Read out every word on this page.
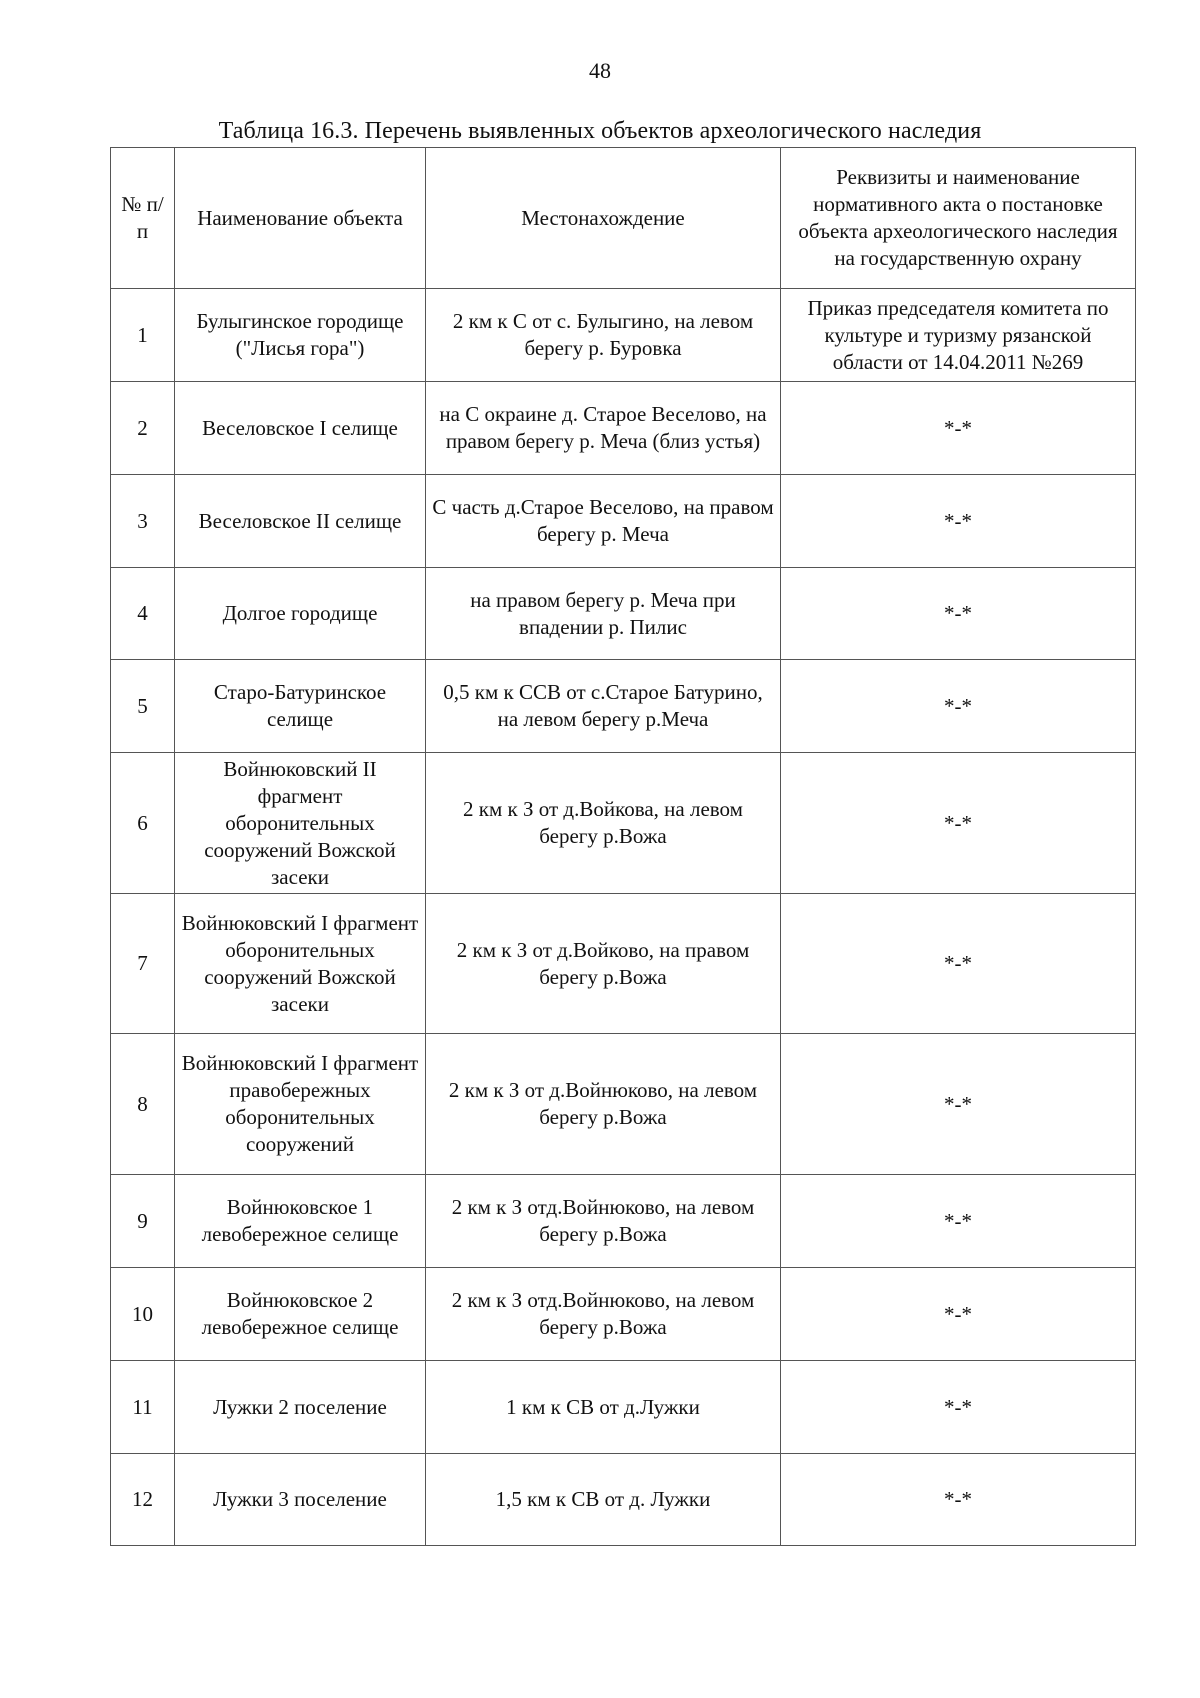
48
Таблица 16.3. Перечень выявленных объектов археологического наследия
№ п/п	Наименование объекта	Местонахождение	Реквизиты и наименование нормативного акта о постановке объекта археологического наследия на государственную охрану
1	Булыгинское городище ("Лисья гора")	2 км к С от с. Булыгино, на левом берегу р. Буровка	Приказ председателя комитета по культуре и туризму рязанской области от 14.04.2011 №269
2	Веселовское I селище	на С окраине д. Старое Веселово, на правом берегу р. Меча (близ устья)	*-*
3	Веселовское II селище	С часть д.Старое Веселово, на правом берегу р. Меча	*-*
4	Долгое городище	на правом берегу р. Меча при впадении р. Пилис	*-*
5	Старо-Батуринское селище	0,5 км к ССВ от с.Старое Батурино, на левом берегу р.Меча	*-*
6	Войнюковский II фрагмент оборонительных сооружений Вожской засеки	2 км к З от д.Войкова, на левом берегу р.Вожа	*-*
7	Войнюковский I фрагмент оборонительных сооружений Вожской засеки	2 км к З от д.Войково, на правом берегу р.Вожа	*-*
8	Войнюковский I фрагмент правобережных оборонительных сооружений	2 км к З от д.Войнюково, на левом берегу р.Вожа	*-*
9	Войнюковское 1 левобережное селище	2 км к З отд.Войнюково, на левом берегу р.Вожа	*-*
10	Войнюковское 2 левобережное селище	2 км к З отд.Войнюково, на левом берегу р.Вожа	*-*
11	Лужки 2 поселение	1 км к СВ от д.Лужки	*-*
12	Лужки 3 поселение	1,5 км к СВ от д. Лужки	*-*
